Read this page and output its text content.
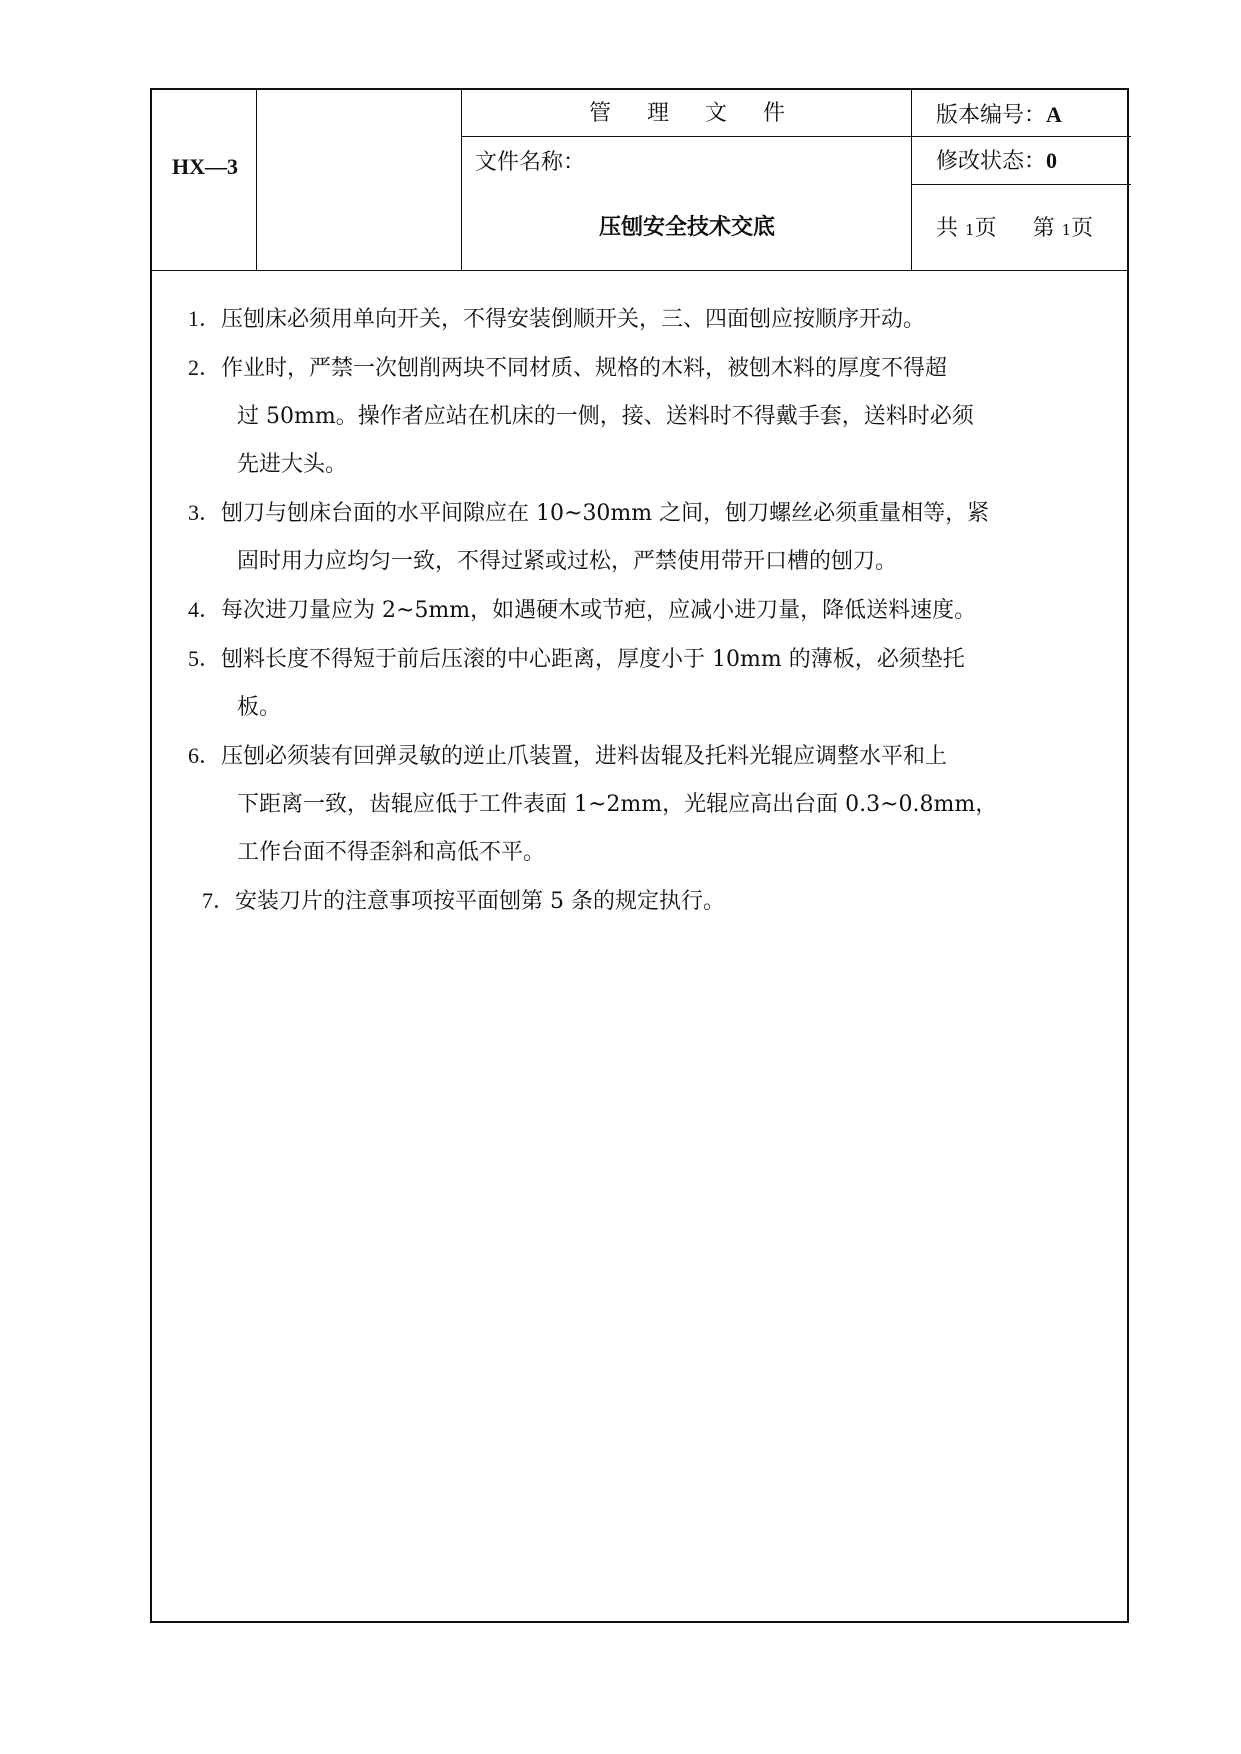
HX—3
管理文件
文件名称：
压刨安全技术交底
版本编号：A
修改状态：0
共 1页 第 1页
1．压刨床必须用单向开关，不得安装倒顺开关，三、四面刨应按顺序开动。
2．作业时，严禁一次刨削两块不同材质、规格的木料，被刨木料的厚度不得超
过 50mm。操作者应站在机床的一侧，接、送料时不得戴手套，送料时必须
先进大头。
3．刨刀与刨床台面的水平间隙应在 10~30mm 之间，刨刀螺丝必须重量相等，紧
固时用力应均匀一致，不得过紧或过松，严禁使用带开口槽的刨刀。
4．每次进刀量应为 2~5mm，如遇硬木或节疤，应减小进刀量，降低送料速度。
5．刨料长度不得短于前后压滚的中心距离，厚度小于 10mm 的薄板，必须垫托
板。
6．压刨必须装有回弹灵敏的逆止爪装置，进料齿辊及托料光辊应调整水平和上
下距离一致，齿辊应低于工件表面 1~2mm，光辊应高出台面 0.3~0.8mm，
工作台面不得歪斜和高低不平。
7．安装刀片的注意事项按平面刨第 5 条的规定执行。
